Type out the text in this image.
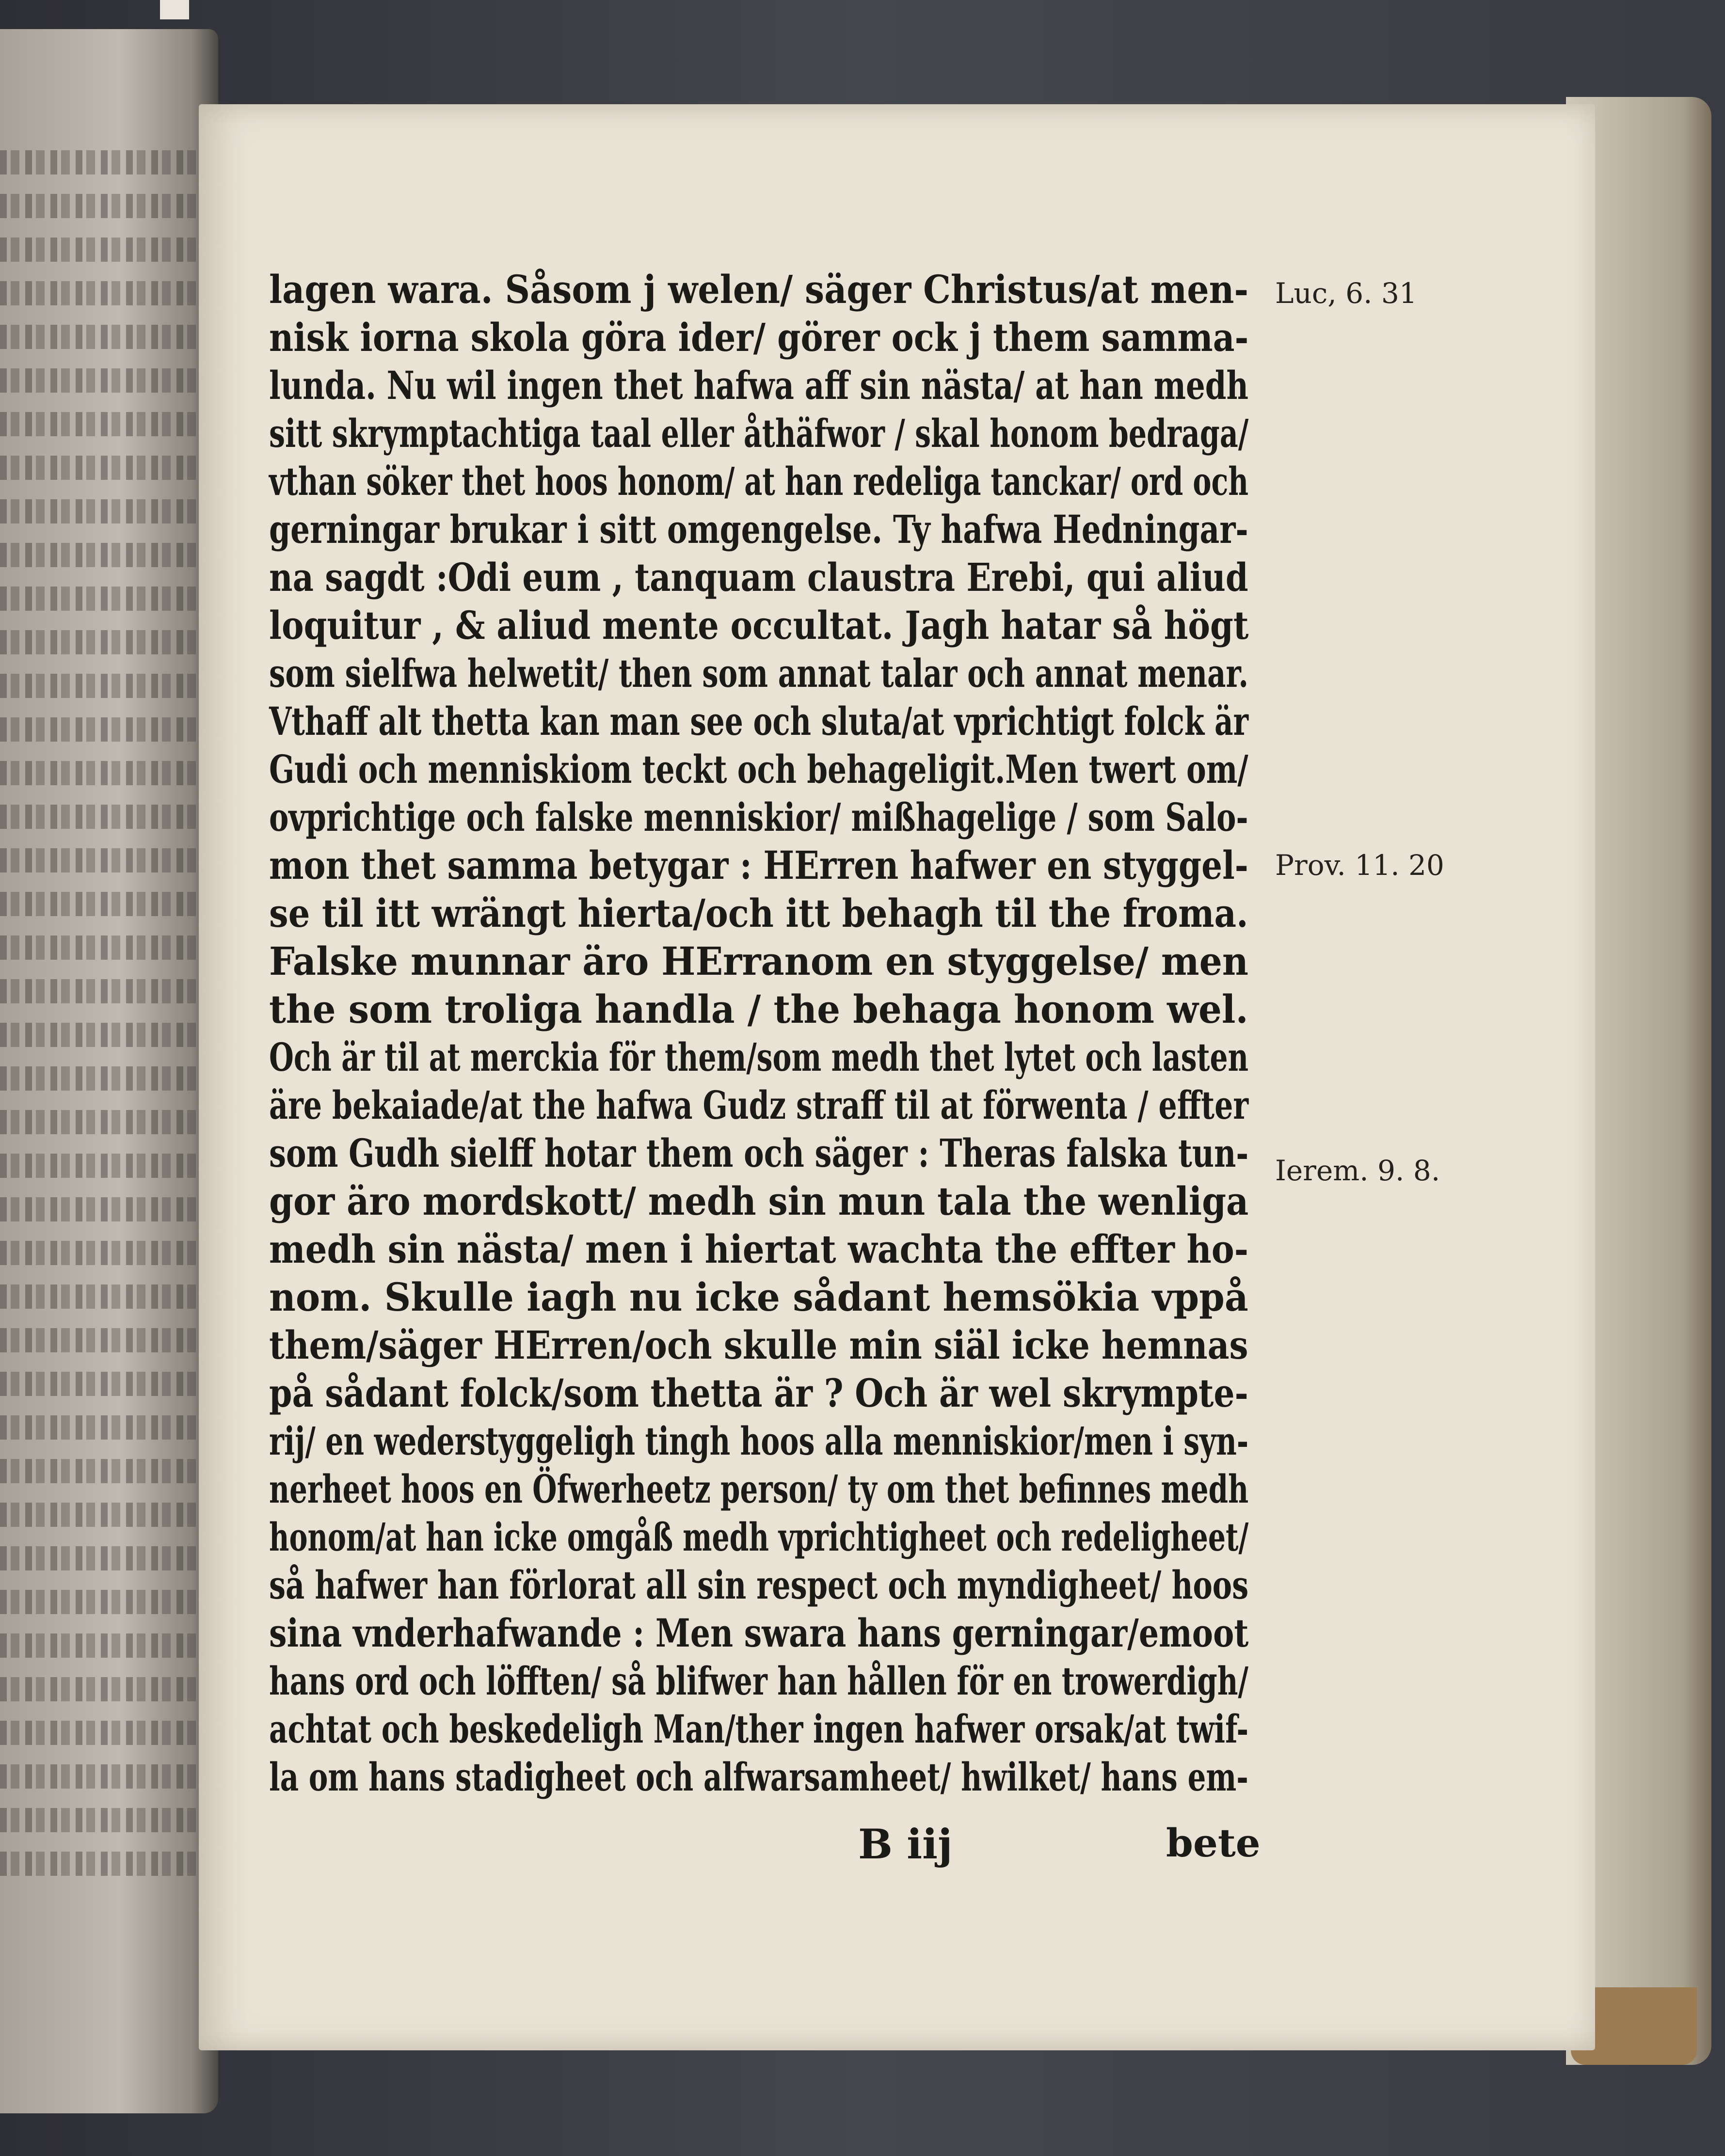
lagen wara. Såsom j welen/ säger Christus/at men-
nisk iorna skola göra ider/ görer ock j them samma-
lunda. Nu wil ingen thet hafwa aff sin nästa/ at han medh
sitt skrymptachtiga taal eller åthäfwor / skal honom bedraga/
vthan söker thet hoos honom/ at han redeliga tanckar/ ord och
gerningar brukar i sitt omgengelse. Ty hafwa Hedningar-
na sagdt :Odi eum , tanquam claustra Erebi, qui aliud
loquitur , & aliud mente occultat. Jagh hatar så högt
som sielfwa helwetit/ then som annat talar och annat menar.
Vthaff alt thetta kan man see och sluta/at vprichtigt folck är
Gudi och menniskiom teckt och behageligit.Men twert om/
ovprichtige och falske menniskior/ mißhagelige / som Salo-
mon thet samma betygar : HErren hafwer en styggel-
se til itt wrängt hierta/och itt behagh til the froma.
Falske munnar äro HErranom en styggelse/ men
the som troliga handla / the behaga honom wel.
Och är til at merckia för them/som medh thet lytet och lasten
äre bekaiade/at the hafwa Gudz straff til at förwenta / effter
som Gudh sielff hotar them och säger : Theras falska tun-
gor äro mordskott/ medh sin mun tala the wenliga
medh sin nästa/ men i hiertat wachta the effter ho-
nom. Skulle iagh nu icke sådant hemsökia vppå
them/säger HErren/och skulle min siäl icke hemnas
på sådant folck/som thetta är ? Och är wel skrympte-
rij/ en wederstyggeligh tingh hoos alla menniskior/men i syn-
nerheet hoos en Öfwerheetz person/ ty om thet befinnes medh
honom/at han icke omgåß medh vprichtigheet och redeligheet/
så hafwer han förlorat all sin respect och myndigheet/ hoos
sina vnderhafwande : Men swara hans gerningar/emoot
hans ord och löfften/ så blifwer han hållen för en trowerdigh/
achtat och beskedeligh Man/ther ingen hafwer orsak/at twif-
la om hans stadigheet och alfwarsamheet/ hwilket/ hans em-
Luc, 6. 31
Prov. 11. 20
Ierem. 9. 8.
B iij	bete
